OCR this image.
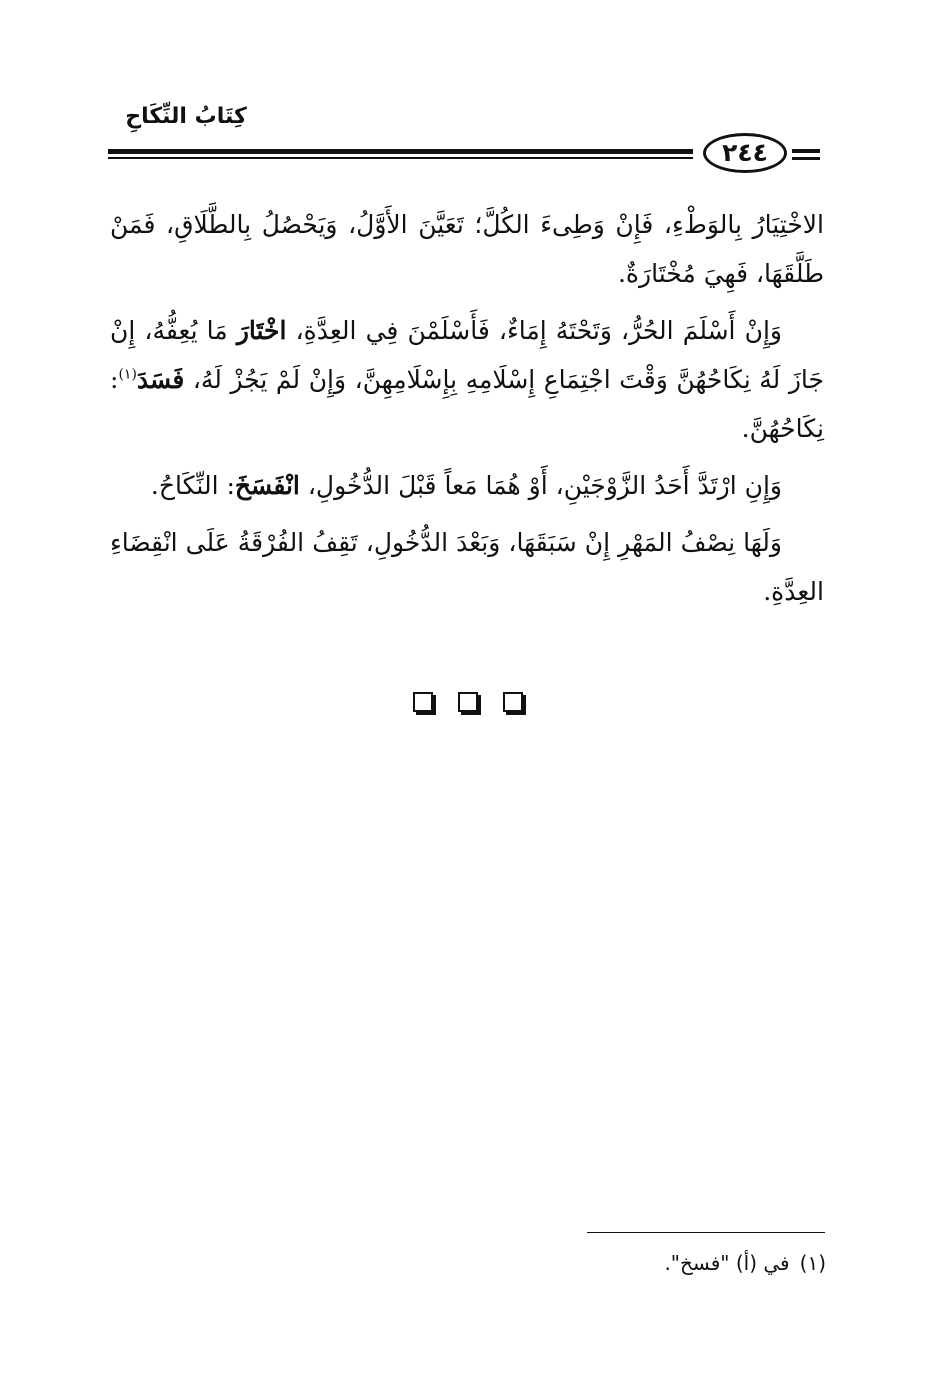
كِتَابُ النِّكَاحِ
٢٤٤

الاخْتِيَارُ بِالوَطْءِ، فَإِنْ وَطِىءَ الكُلَّ؛ تَعَيَّنَ الأَوَّلُ، وَيَحْصُلُ بِالطَّلَاقِ، فَمَنْ طَلَّقَهَا، فَهِيَ مُخْتَارَةٌ.

وَإِنْ أَسْلَمَ الحُرُّ، وَتَحْتَهُ إِمَاءٌ، فَأَسْلَمْنَ فِي العِدَّةِ، اخْتَارَ مَا يُعِفُّهُ، إِنْ جَازَ لَهُ نِكَاحُهُنَّ وَقْتَ اجْتِمَاعِ إِسْلَامِهِ بِإِسْلَامِهِنَّ، وَإِنْ لَمْ يَجُزْ لَهُ، فَسَدَ$^{(١)}$: نِكَاحُهُنَّ.

وَإِنِ ارْتَدَّ أَحَدُ الزَّوْجَيْنِ، أَوْ هُمَا مَعاً قَبْلَ الدُّخُولِ، انْفَسَخَ: النِّكَاحُ.

وَلَهَا نِصْفُ المَهْرِ إِنْ سَبَقَهَا، وَبَعْدَ الدُّخُولِ، تَقِفُ الفُرْقَةُ عَلَى انْقِضَاءِ العِدَّةِ.

(١)في (أ) "فسخ".
